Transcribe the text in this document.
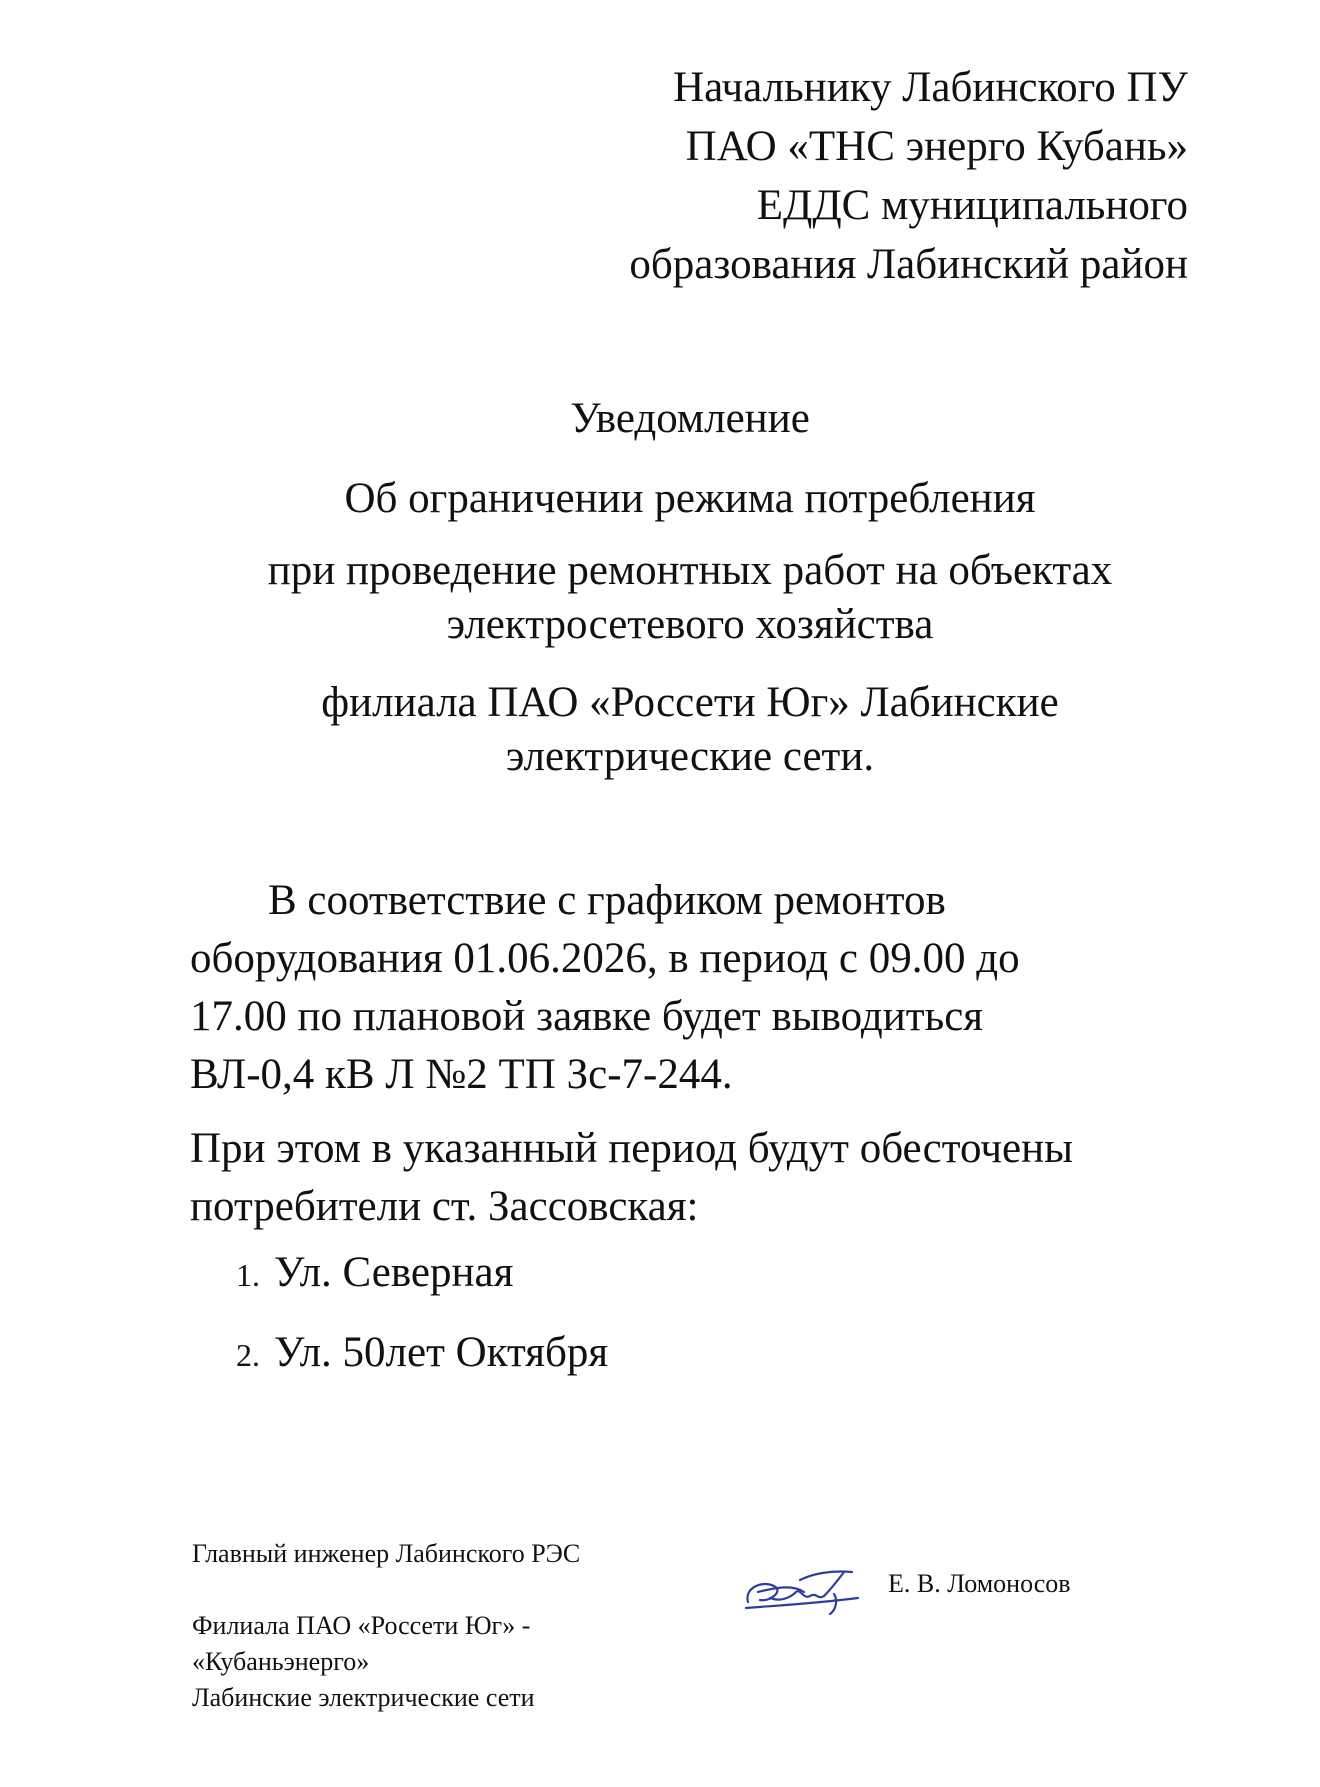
Начальнику Лабинского ПУ
ПАО «ТНС энерго Кубань»
ЕДДС муниципального
образования Лабинский район
Уведомление
Об ограничении режима потребления
при проведение ремонтных работ на объектах
электросетевого хозяйства
филиала ПАО «Россети Юг» Лабинские
электрические сети.
В соответствие с графиком ремонтов
оборудования 01.06.2026, в период с 09.00 до
17.00 по плановой заявке будет выводиться
ВЛ-0,4 кВ Л №2 ТП Зс-7-244.
При этом в указанный период будут обесточены
потребители ст. Зассовская:
1. Ул. Северная
2. Ул. 50лет Октября
Главный инженер Лабинского РЭС
Филиала ПАО «Россети Юг» -
«Кубаньэнерго»
Лабинские электрические сети
Е. В. Ломоносов
